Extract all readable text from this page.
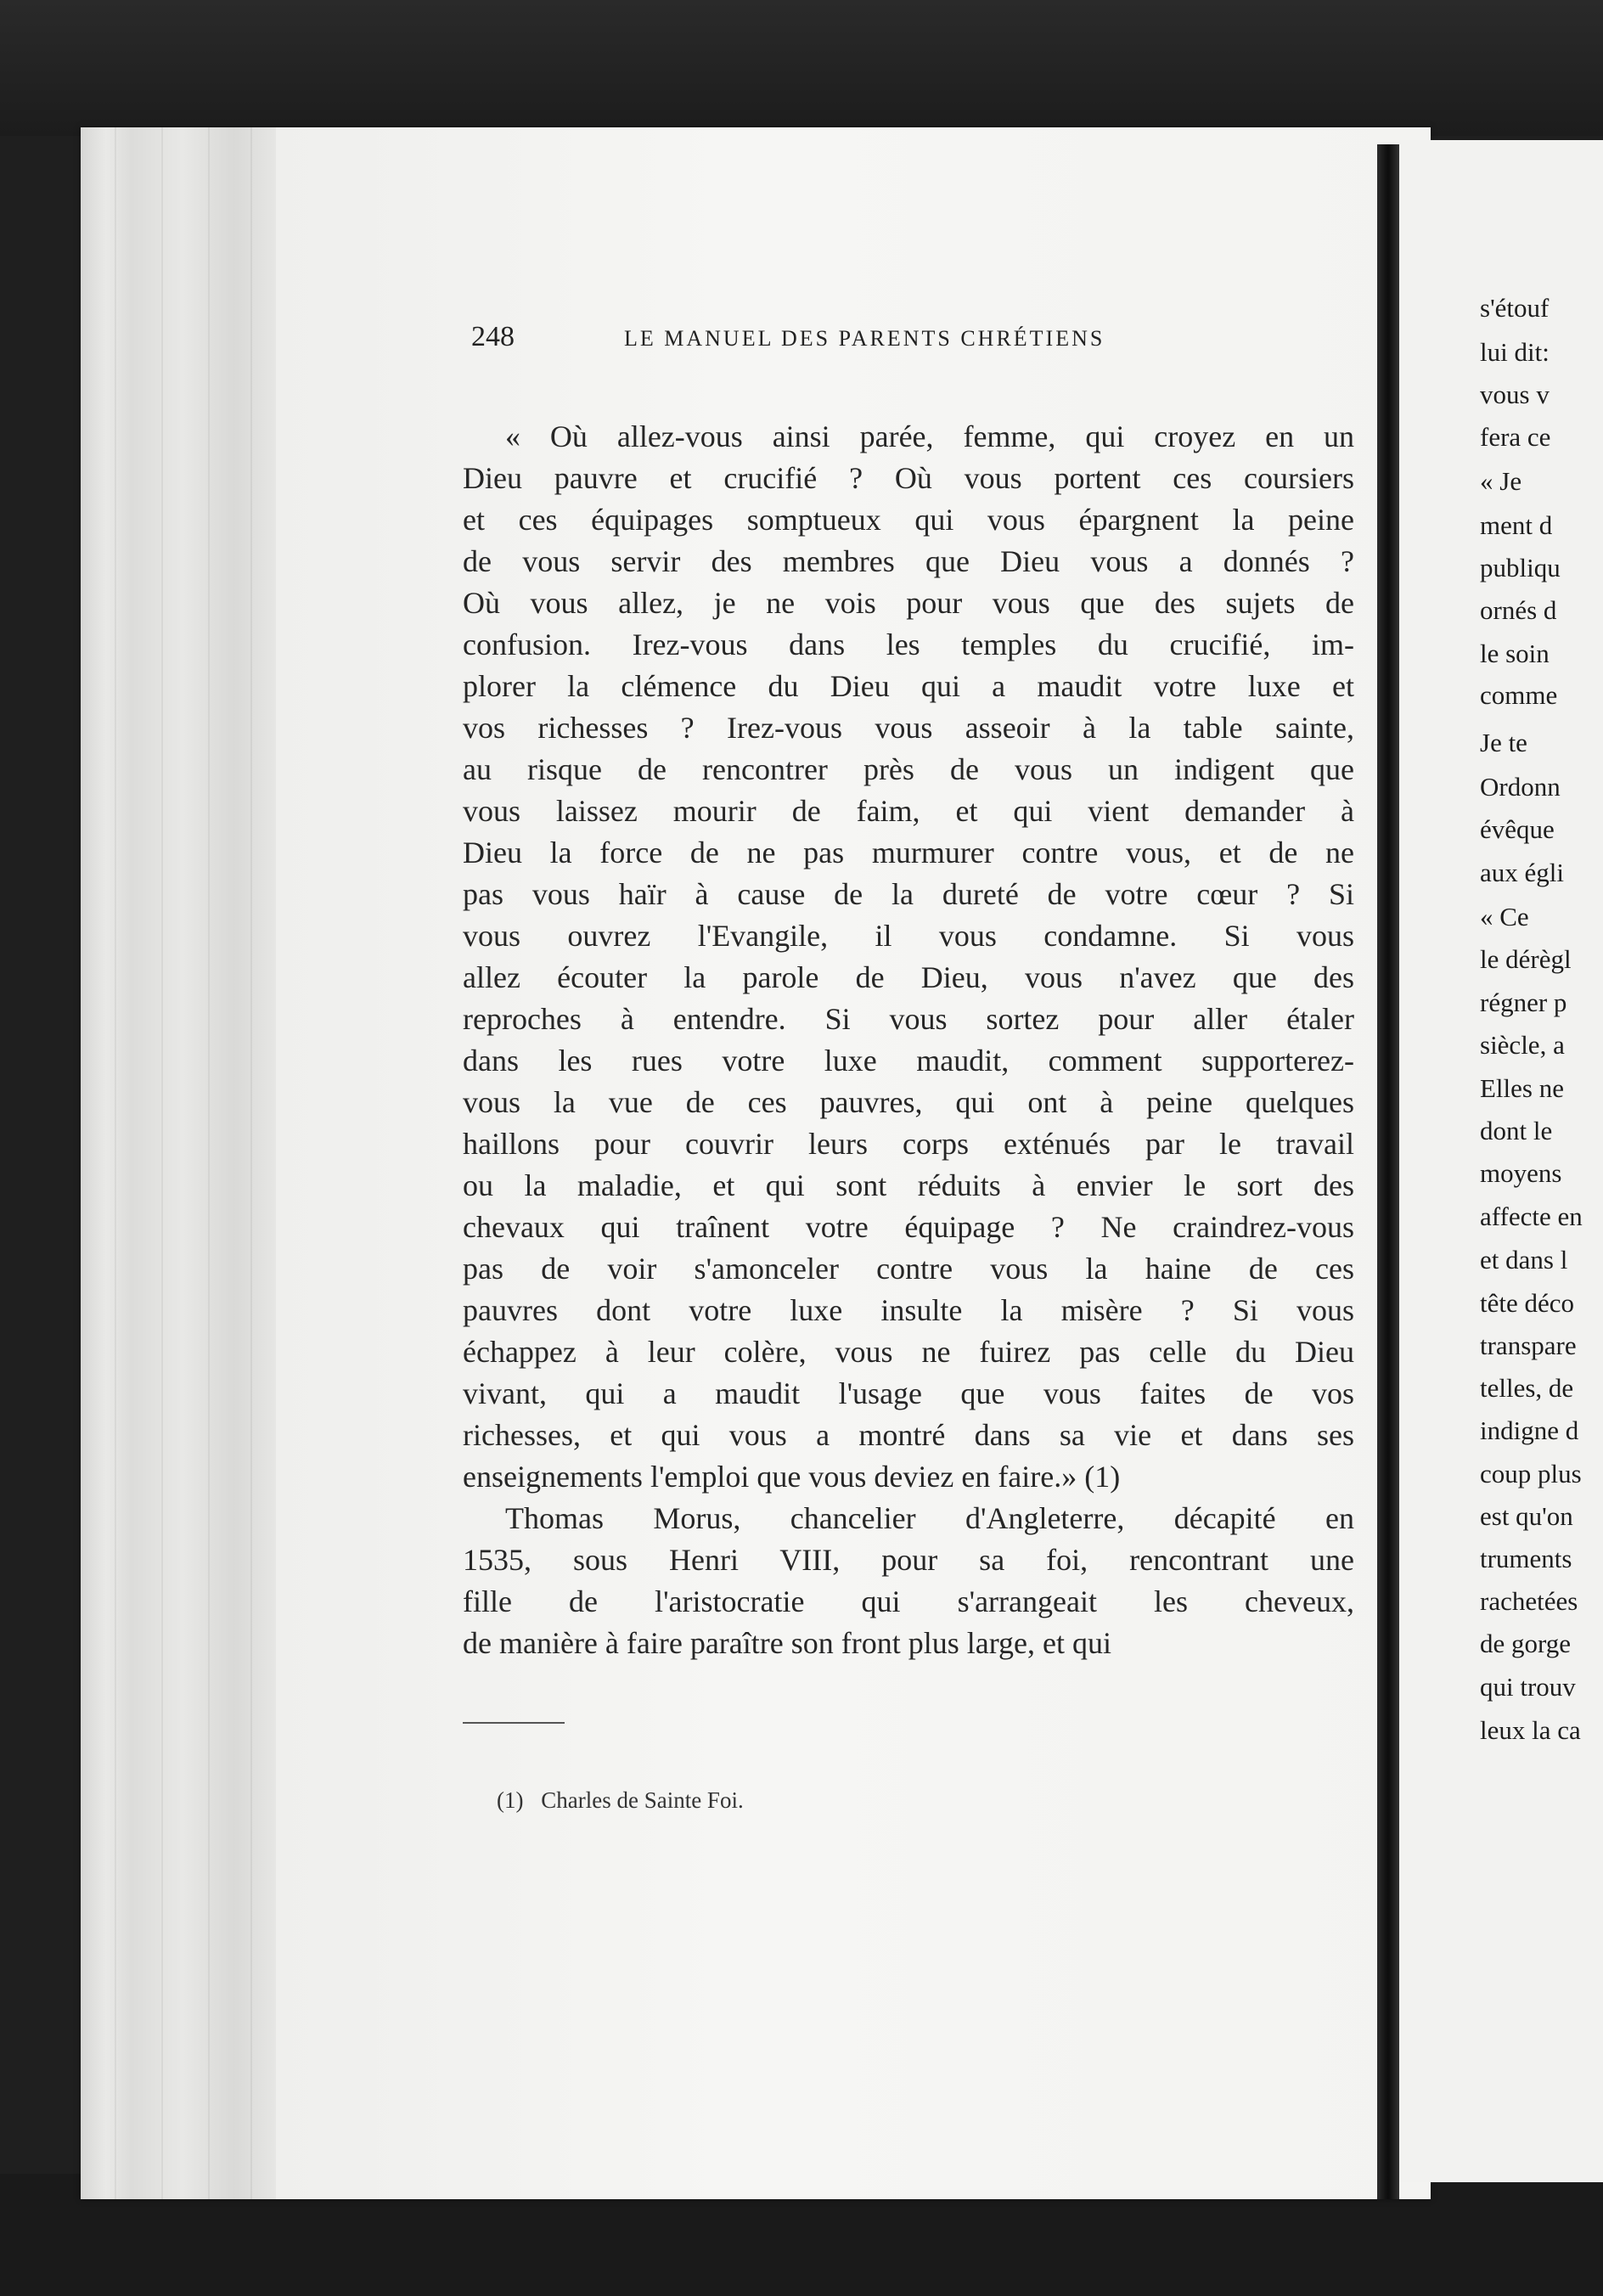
s'étouf
lui dit:
vous v
fera ce
« Je
ment d
publiqu
ornés d
le soin
comme
Je te
Ordonn
évêque
aux égli
« Ce
le dérègl
régner p
siècle, a
Elles ne
dont le
moyens
affecte en
et dans l
tête déco
transpare
telles, de
indigne d
coup plus
est qu'on
truments
rachetées
de gorge
qui trouv
leux la ca
248	LE MANUEL DES PARENTS CHRÉTIENS
« Où allez-vous ainsi parée, femme, qui croyez en un
Dieu pauvre et crucifié ? Où vous portent ces coursiers
et ces équipages somptueux qui vous épargnent la peine
de vous servir des membres que Dieu vous a donnés ?
Où vous allez, je ne vois pour vous que des sujets de
confusion. Irez-vous dans les temples du crucifié, im-
plorer la clémence du Dieu qui a maudit votre luxe et
vos richesses ? Irez-vous vous asseoir à la table sainte,
au risque de rencontrer près de vous un indigent que
vous laissez mourir de faim, et qui vient demander à
Dieu la force de ne pas murmurer contre vous, et de ne
pas vous haïr à cause de la dureté de votre cœur ? Si
vous ouvrez l'Evangile, il vous condamne. Si vous
allez écouter la parole de Dieu, vous n'avez que des
reproches à entendre. Si vous sortez pour aller étaler
dans les rues votre luxe maudit, comment supporterez-
vous la vue de ces pauvres, qui ont à peine quelques
haillons pour couvrir leurs corps exténués par le travail
ou la maladie, et qui sont réduits à envier le sort des
chevaux qui traînent votre équipage ? Ne craindrez-vous
pas de voir s'amonceler contre vous la haine de ces
pauvres dont votre luxe insulte la misère ? Si vous
échappez à leur colère, vous ne fuirez pas celle du Dieu
vivant, qui a maudit l'usage que vous faites de vos
richesses, et qui vous a montré dans sa vie et dans ses
enseignements l'emploi que vous deviez en faire.» (1)
Thomas Morus, chancelier d'Angleterre, décapité en
1535, sous Henri VIII, pour sa foi, rencontrant une
fille de l'aristocratie qui s'arrangeait les cheveux,
de manière à faire paraître son front plus large, et qui
(1) Charles de Sainte Foi.
